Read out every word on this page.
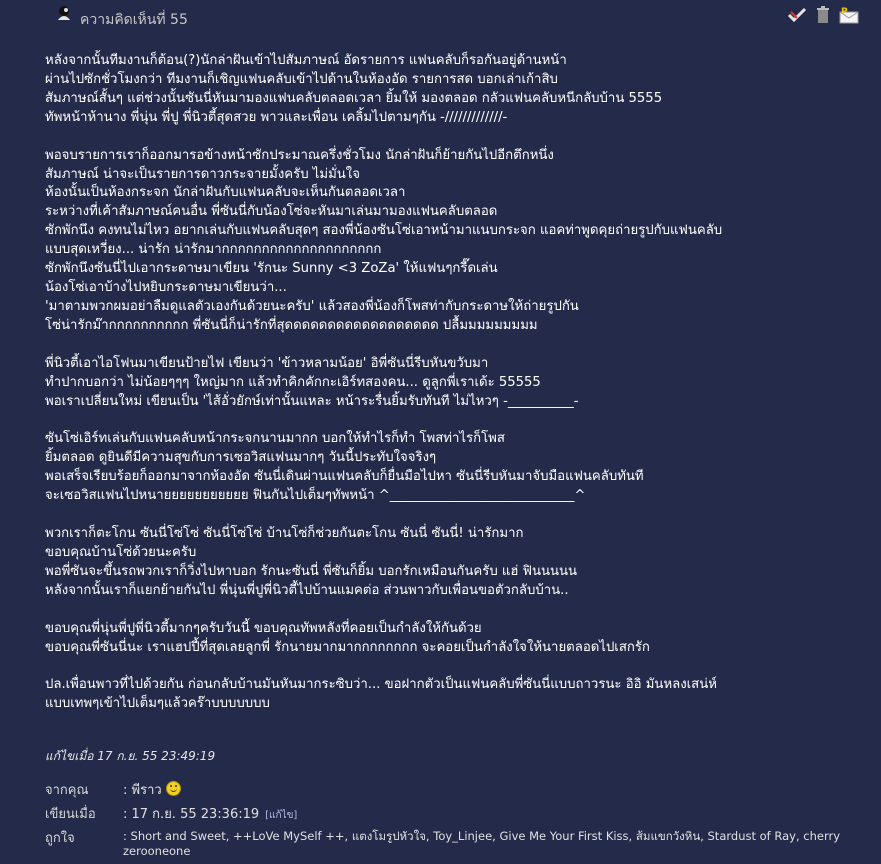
ความคิดเห็นที่ 55	P

หลังจากนั้นทีมงานก็ต้อน(?)นักล่าฝันเข้าไปสัมภาษณ์ อัดรายการ แฟนคลับก็รอกันอยู่ด้านหน้า
ผ่านไปซักชั่วโมงกว่า ทีมงานก็เชิญแฟนคลับเข้าไปด้านในห้องอัด รายการสด บอกเล่าเก้าสิบ
สัมภาษณ์สั้นๆ แต่ช่วงนั้นซันนี่หันมามองแฟนคลับตลอดเวลา ยิ้มให้ มองตลอด กลัวแฟนคลับหนีกลับบ้าน 5555
ทัพหน้าห้านาง พี่นุ่น พี่ปู พี่นิวตี้สุดสวย พาวและเพื่อน เคลิ้มไปตามๆกัน -/////////////-

พอจบรายการเราก็ออกมารอข้างหน้าซักประมาณครึ่งชั่วโมง นักล่าฝันก็ย้ายกันไปอีกตึกหนึ่ง
สัมภาษณ์ น่าจะเป็นรายการดาวกระจายมั้งครับ ไม่มั่นใจ
ห้องนั้นเป็นห้องกระจก นักล่าฝันกับแฟนคลับจะเห็นกันตลอดเวลา
ระหว่างที่เค้าสัมภาษณ์คนอื่น พี่ซันนี่กับน้องโซ่จะหันมาเล่นมามองแฟนคลับตลอด
ซักพักนึง คงทนไม่ไหว อยากเล่นกับแฟนคลับสุดๆ สองพี่น้องซันโซ่เอาหน้ามาแนบกระจก แอคท่าพูดคุยถ่ายรูปกับแฟนคลับ
แบบสุดเหวี่ยง... น่ารัก น่ารักมากกกกกกกกกกกกกกกกกกกก
ซักพักนึงซันนี่ไปเอากระดาษมาเขียน 'รักนะ Sunny <3 ZoZa' ให้แฟนๆกรี๊ดเล่น
น้องโซ่เอาบ้างไปหยิบกระดาษมาเขียนว่า...
'มาตามพวกผมอย่าลืมดูแลตัวเองกันด้วยนะครับ' แล้วสองพี่น้องก็โพสท่ากับกระดาษให้ถ่ายรูปกัน
โซ่น่ารักม๊ากกกกกกกกกก พี่ซันนี่ก็น่ารักที่สุดดดดดดดดดดดดดดดดดด ปลื้มมมมมมมมม

พี่นิวตี้เอาไอโฟนมาเขียนป้ายไฟ เขียนว่า 'ข้าวหลามน้อย' อิพี่ซันนี่รีบหันขวับมา
ทำปากบอกว่า ไม่น้อยๆๆๆ ใหญ่มาก แล้วทำคิกคักกะเอิร์ทสองคน... ดูลูกพี่เราเด้ะ 55555
พอเราเปลี่ยนใหม่ เขียนเป็น 'ไส้อั่วยักษ์เท่านั้นแหละ หน้าระรื่นยิ้มรับทันที ไม่ไหวๆ -__________-

ซันโซ่เอิร์ทเล่นกับแฟนคลับหน้ากระจกนานมากก บอกให้ทำไรก็ทำ โพสท่าไรก็โพส
ยิ้มตลอด ดูยินดีมีความสุขกับการเซอวิสแฟนมากๆ วันนี้ประทับใจจริงๆ
พอเสร็จเรียบร้อยก็ออกมาจากห้องอัด ซันนี่เดินผ่านแฟนคลับก็ยื่นมือไปหา ซันนี่รีบหันมาจับมือแฟนคลับทันที
จะเซอวิสแฟนไปหนายยยยยยยยยยย ฟินกันไปเต็มๆทัพหน้า ^____________________________^

พวกเราก็ตะโกน ซันนี่โซ่โซ่ ซันนี่โซ่โซ่ บ้านโซ่ก็ช่วยกันตะโกน ซันนี่ ซันนี่! น่ารักมาก
ขอบคุณบ้านโซ่ด้วยนะครับ
พอพี่ซันจะขึ้นรถพวกเราก็วิ่งไปหาบอก รักนะซันนี่ พี่ซันก็ยิ้ม บอกรักเหมือนกันครับ แฮ่ ฟินนนนน
หลังจากนั้นเราก็แยกย้ายกันไป พี่นุ่นพี่ปูพี่นิวตี้ไปบ้านแมคต่อ ส่วนพาวกับเพื่อนขอตัวกลับบ้าน..

ขอบคุณพี่นุ่นพี่ปูพี่นิวตี้มากๆครับวันนี้ ขอบคุณทัพหลังที่คอยเป็นกำลังให้กันด้วย
ขอบคุณพี่ซันนี่นะ เราแฮปปี้ที่สุดเลยลูกพี่ รักนายมากมากกกกกกกก จะคอยเป็นกำลังใจให้นายตลอดไปเสกรัก

ปล.เพื่อนพาวที่ไปด้วยกัน ก่อนกลับบ้านมันหันมากระซิบว่า... ขอฝากตัวเป็นแฟนคลับพี่ซันนี่แบบถาวรนะ อิอิ มันหลงเสน่ห์
แบบเทพๆเข้าไปเต็มๆแล้วคร๊าบบบบบบบ

แก้ไขเมื่อ 17 ก.ย. 55 23:49:19
จากคุณ	: พีราว
เขียนเมื่อ	: 17 ก.ย. 55 23:36:19 [แก้ไข]
ถูกใจ	: Short and Sweet, ++LoVe MySelf ++, แตงโมรูปหัวใจ, Toy_Linjee, Give Me Your First Kiss, ส้มแขกวังหิน, Stardust of Ray, cherry zerooneone
